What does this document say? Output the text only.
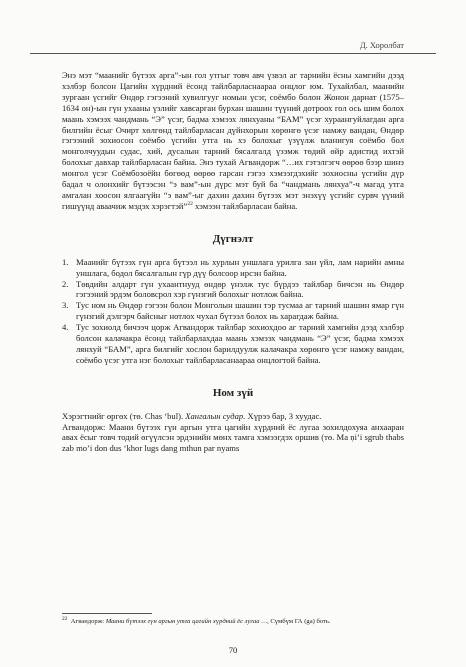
Д. Хоролбат

Энэ мэт “маанийг бүтээх арга”-ын гол утгыг товч авч үзвэл аг тарнийн ёсны хамгийн дээд хэлбэр болсон Цагийн хүрдний ёсонд тайлбарласнаараа онцлог юм. Тухайлбал, маанийн зургаан үсгийг Өндөр гэгээний хувилгууг номын үсэг, соёмбо болон Жонон дарнат (1575–1634 он)-ын гүн ухааны үзлийг хавсарган бурхан шашин түүний дотроох гол ось шим болох маань хэмээх чандмань “Э” үсэг, бадма хэмээх лянхуаны “БАМ” үсэг хураангуйлагдан арга билгийн ёсыг Очирт хөлгөнд тайлбарласан дүйнхорын хөрөнгө үсэг намжу вандан, Өндөр гэгээний зохиосон соёмбо үсгийн утга нь хэ болохыг үзүүлж вланигуя соёмбо бол монголчуудын судас, хий, дусалын тарний бясалгалд үзэмж төдий өйр адистид ихтэй болохыг давхар тайлбарласан байна. Энэ тухай Агвандорж “…их гэтэлгэгч өөрөө бээр шинэ монгол үсэг Соёмбозоёйн бөгөөд өөрөө гарсан гэгээ хэмээгдэхийг зохиосны үсгийн дүр бадал ч олонхийг бүтээсэн “э вам”-ын дүрс мэт буй ба “чандмань лянхуа”-ч магад утга амгалан хоосон ялгаагүйн “э вам”-ыг дахин дахин бүтээх мэт энэхүү үсгийг сурвч үүний гишүүнд аваачиж мэдэх хэрэгтэй”$^{22}$ хэмээн тайлбарласан байна.

Дүгнэлт
1. Маанийг бүтээх гүн арга бүтээл нь хурлын уншлага урилга зан үйл, лам нарийн амны уншлага, бодол бясалгалын гүр дүү болсоор ирсэн байна.
2. Төвдийн алдарт гүн ухаантнууд өндөр үнэлж тус бүрдээ тайлбар бичсэн нь Өндөр гэгээний эрдэм боловсрол хэр гүнзгий болохыг нотлож байна.
3. Тус ном нь Өндөр гэгээн болон Монголын шашин тэр тусмаа аг тарний шашин ямар гүн гүнзгий дэлгэрч байсныг нотлох чухал бүтээл болох нь харагдаж байна.
4. Тус зохиолд бичээч цорж Агвандорж тайлбар зохиохдоо аг тарний хамгийн дээд хэлбэр болсон калачакра ёсонд тайлбарлахдаа маань хэмээх чандмань “Э” үсэг, бадма хэмээх лянхуй “БАМ”, арга билгийг хослон барилдуулж калачакра хөрөнгө үсэг намжу вандан, соёмбо үсэг утга нэг болохыг тайлбарласанаараа онцлогтой байна.
Ном зүй

Хэрэгтнийг өргөх (тө. Chas ‘bul). Хангалын судар. Хүрээ бар, 3 хуудас.

Агвандорж: Маани бүтээх гүн аргын утга цагийн хүрдний ёс лугаа зохилдохуяа анхааран авах ёсыг товч тодий өгүүлсэн эрдэнийн мөнх тамга хэмээгдэх оршив (тө. Ma ṇi’i sgrub thabs zab mo’i don dus ‘khor lugs dang mthun par nyams

$^{22}$ Агвандорж: Маани бүтээх гүн аргын утга цагийн хүрдний ёс лугаа …, Сүмбүм ГА (ga) боть.
70
